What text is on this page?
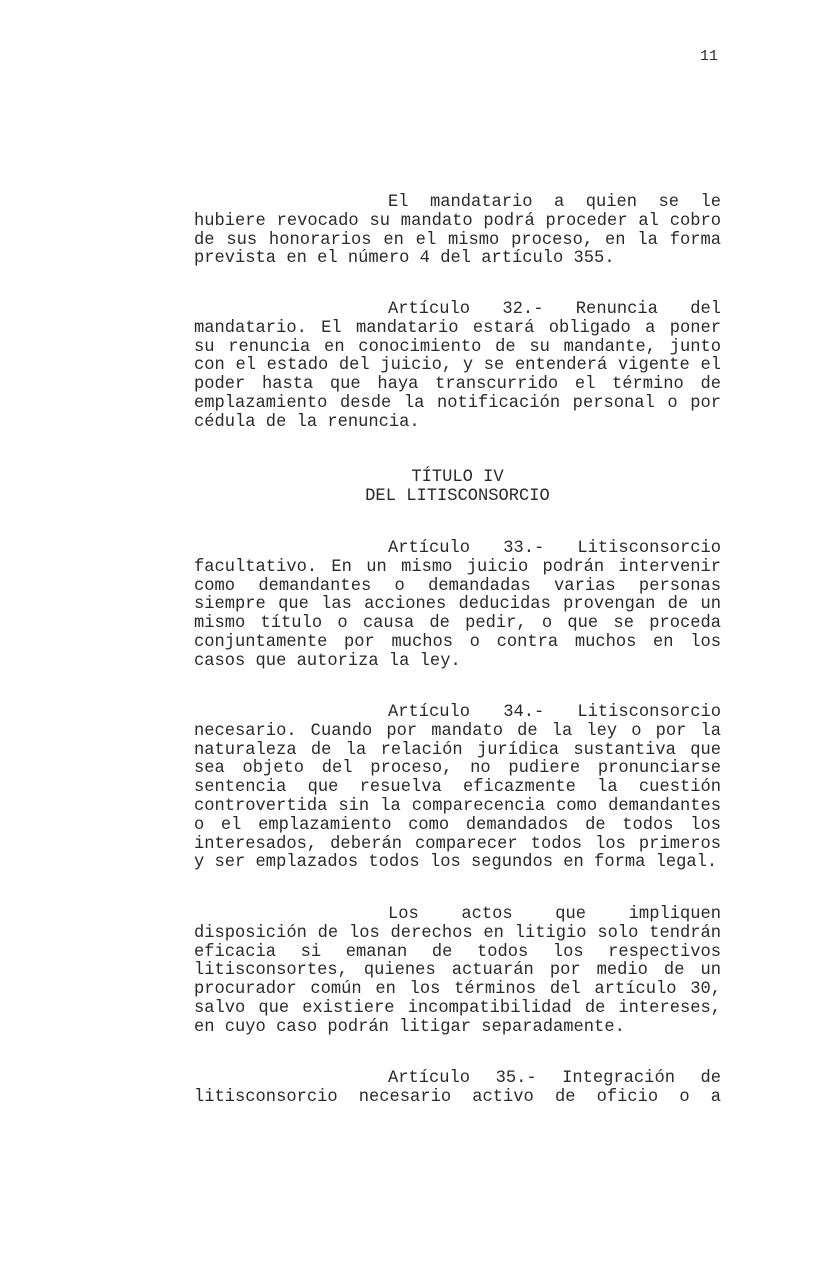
11

El mandatario a quien se le hubiere revocado su mandato podrá proceder al cobro de sus honorarios en el mismo proceso, en la forma prevista en el número 4 del artículo 355.

Artículo 32.- Renuncia del mandatario. El mandatario estará obligado a poner su renuncia en conocimiento de su mandante, junto con el estado del juicio, y se entenderá vigente el poder hasta que haya transcurrido el término de emplazamiento desde la notificación personal o por cédula de la renuncia.

TÍTULO IV

DEL LITISCONSORCIO

Artículo 33.- Litisconsorcio facultativo. En un mismo juicio podrán intervenir como demandantes o demandadas varias personas siempre que las acciones deducidas provengan de un mismo título o causa de pedir, o que se proceda conjuntamente por muchos o contra muchos en los casos que autoriza la ley.

Artículo 34.- Litisconsorcio necesario. Cuando por mandato de la ley o por la naturaleza de la relación jurídica sustantiva que sea objeto del proceso, no pudiere pronunciarse sentencia que resuelva eficazmente la cuestión controvertida sin la comparecencia como demandantes o el emplazamiento como demandados de todos los interesados, deberán comparecer todos los primeros y ser emplazados todos los segundos en forma legal.

Los actos que impliquen disposición de los derechos en litigio solo tendrán eficacia si emanan de todos los respectivos litisconsortes, quienes actuarán por medio de un procurador común en los términos del artículo 30, salvo que existiere incompatibilidad de intereses, en cuyo caso podrán litigar separadamente.

Artículo 35.- Integración de litisconsorcio necesario activo de oficio o a
